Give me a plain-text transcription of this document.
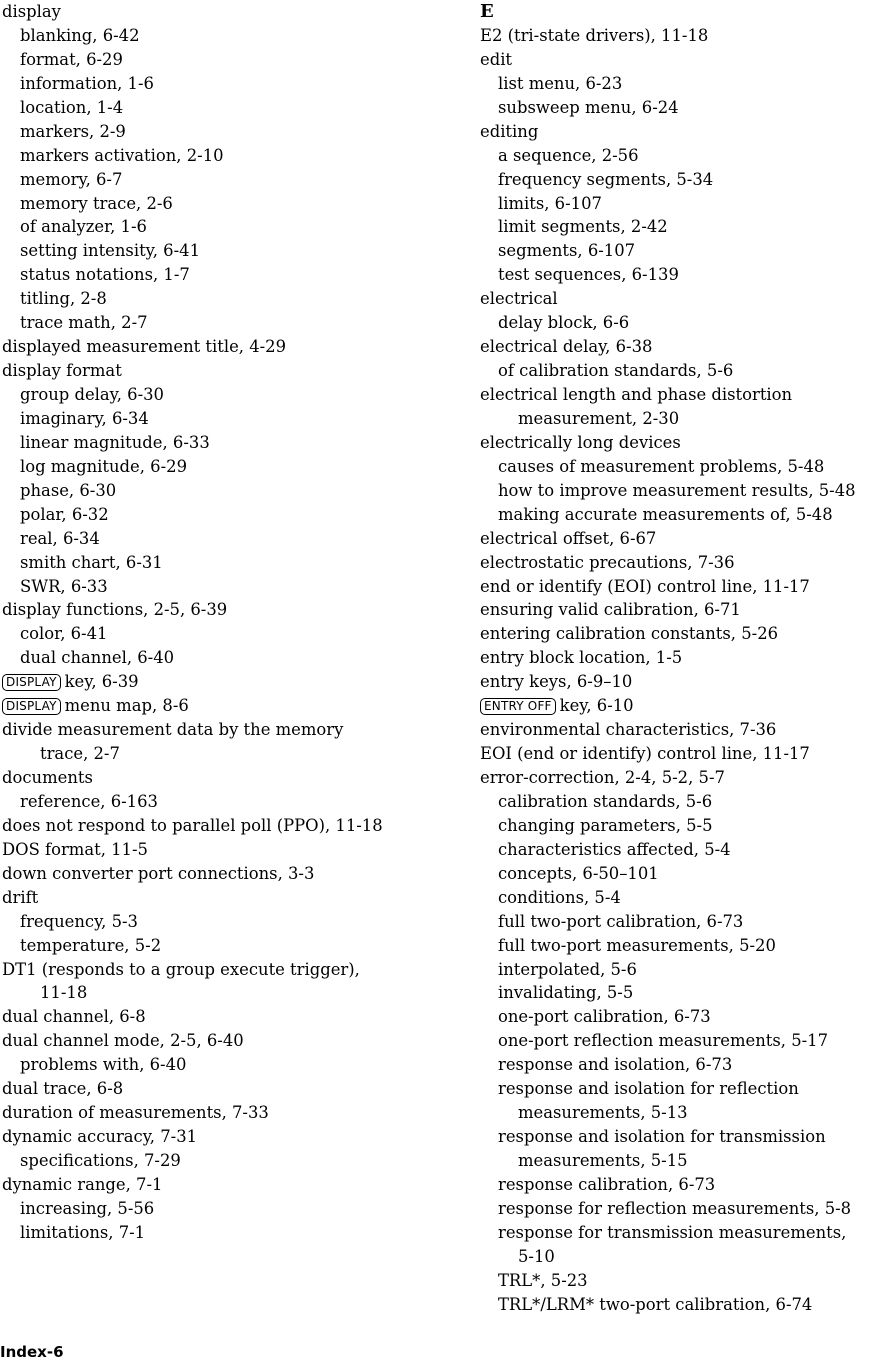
display
blanking, 6-42
format, 6-29
information, 1-6
location, 1-4
markers, 2-9
markers activation, 2-10
memory, 6-7
memory trace, 2-6
of analyzer, 1-6
setting intensity, 6-41
status notations, 1-7
titling, 2-8
trace math, 2-7
displayed measurement title, 4-29
display format
group delay, 6-30
imaginary, 6-34
linear magnitude, 6-33
log magnitude, 6-29
phase, 6-30
polar, 6-32
real, 6-34
smith chart, 6-31
SWR, 6-33
display functions, 2-5, 6-39
color, 6-41
dual channel, 6-40
DISPLAY key, 6-39
DISPLAY menu map, 8-6
divide measurement data by the memory
trace, 2-7
documents
reference, 6-163
does not respond to parallel poll (PPO), 11-18
DOS format, 11-5
down converter port connections, 3-3
drift
frequency, 5-3
temperature, 5-2
DT1 (responds to a group execute trigger),
11-18
dual channel, 6-8
dual channel mode, 2-5, 6-40
problems with, 6-40
dual trace, 6-8
duration of measurements, 7-33
dynamic accuracy, 7-31
specifications, 7-29
dynamic range, 7-1
increasing, 5-56
limitations, 7-1
E
E2 (tri-state drivers), 11-18
edit
list menu, 6-23
subsweep menu, 6-24
editing
a sequence, 2-56
frequency segments, 5-34
limits, 6-107
limit segments, 2-42
segments, 6-107
test sequences, 6-139
electrical
delay block, 6-6
electrical delay, 6-38
of calibration standards, 5-6
electrical length and phase distortion
measurement, 2-30
electrically long devices
causes of measurement problems, 5-48
how to improve measurement results, 5-48
making accurate measurements of, 5-48
electrical offset, 6-67
electrostatic precautions, 7-36
end or identify (EOI) control line, 11-17
ensuring valid calibration, 6-71
entering calibration constants, 5-26
entry block location, 1-5
entry keys, 6-9–10
ENTRY OFF key, 6-10
environmental characteristics, 7-36
EOI (end or identify) control line, 11-17
error-correction, 2-4, 5-2, 5-7
calibration standards, 5-6
changing parameters, 5-5
characteristics affected, 5-4
concepts, 6-50–101
conditions, 5-4
full two-port calibration, 6-73
full two-port measurements, 5-20
interpolated, 5-6
invalidating, 5-5
one-port calibration, 6-73
one-port reflection measurements, 5-17
response and isolation, 6-73
response and isolation for reflection
measurements, 5-13
response and isolation for transmission
measurements, 5-15
response calibration, 6-73
response for reflection measurements, 5-8
response for transmission measurements,
5-10
TRL*, 5-23
TRL*/LRM* two-port calibration, 6-74
Index-6
